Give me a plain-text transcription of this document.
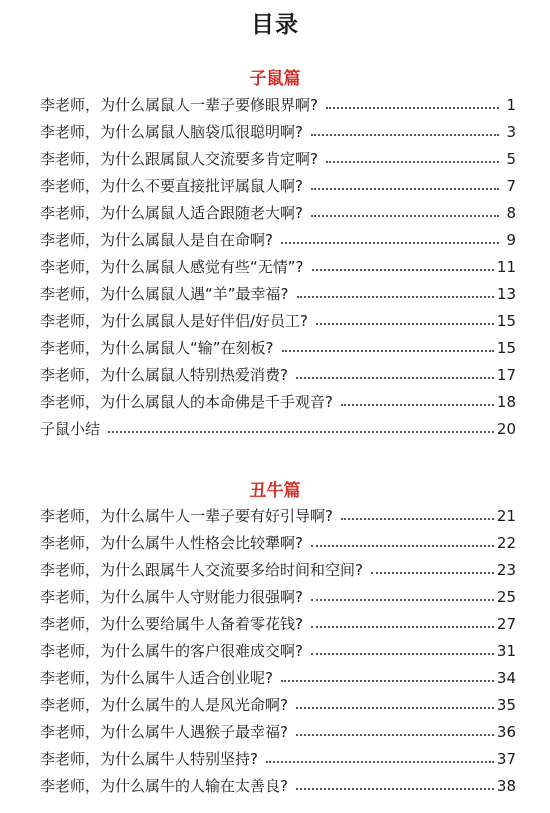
目录
子鼠篇
李老师，为什么属鼠人一辈子要修眼界啊?	1
李老师，为什么属鼠人脑袋瓜很聪明啊?	3
李老师，为什么跟属鼠人交流要多肯定啊?	5
李老师，为什么不要直接批评属鼠人啊?	7
李老师，为什么属鼠人适合跟随老大啊?	8
李老师，为什么属鼠人是自在命啊?	9
李老师，为什么属鼠人感觉有些“无情”?	11
李老师，为什么属鼠人遇“羊”最幸福?	13
李老师，为什么属鼠人是好伴侣/好员工?	15
李老师，为什么属鼠人“输”在刻板?	15
李老师，为什么属鼠人特别热爱消费?	17
李老师，为什么属鼠人的本命佛是千手观音?	18
子鼠小结	20
丑牛篇
李老师，为什么属牛人一辈子要有好引导啊?	21
李老师，为什么属牛人性格会比较犟啊?	22
李老师，为什么跟属牛人交流要多给时间和空间?	23
李老师，为什么属牛人守财能力很强啊?	25
李老师，为什么要给属牛人备着零花钱?	27
李老师，为什么属牛的客户很难成交啊?	31
李老师，为什么属牛人适合创业呢?	34
李老师，为什么属牛的人是风光命啊?	35
李老师，为什么属牛人遇猴子最幸福?	36
李老师，为什么属牛人特别坚持?	37
李老师，为什么属牛的人输在太善良?	38
